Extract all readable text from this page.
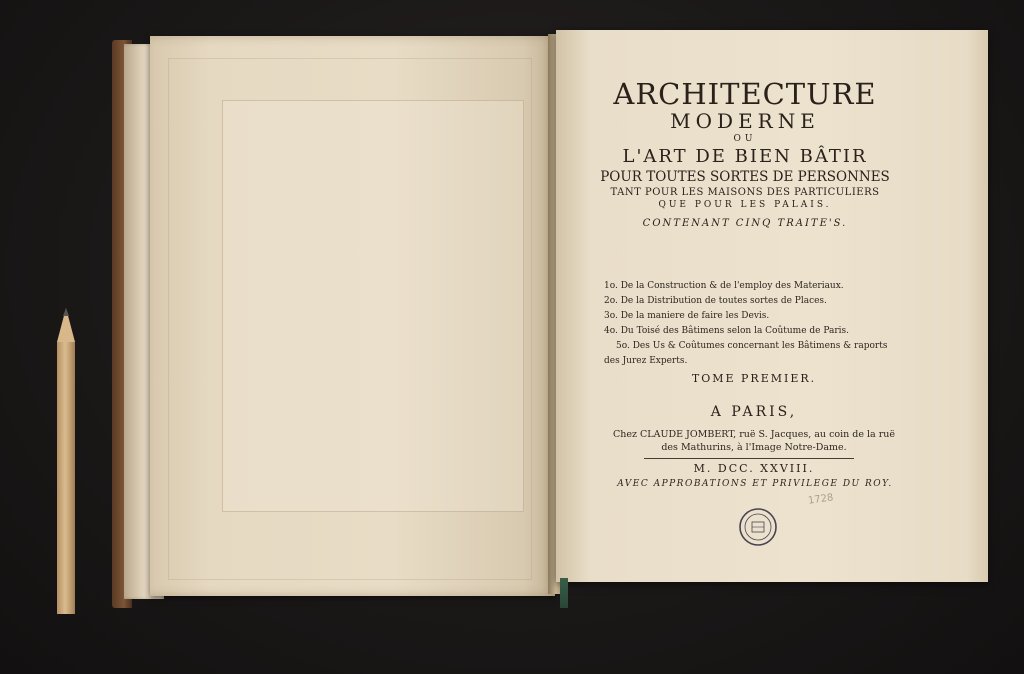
ARCHITECTURE

MODERNE

OU

L'ART DE BIEN BÂTIR

POUR TOUTES SORTES DE PERSONNES

TANT POUR LES MAISONS DES PARTICULIERS

QUE POUR LES PALAIS.

CONTENANT CINQ TRAITE'S.

1o. De la Construction & de l'employ des Materiaux.

2o. De la Distribution de toutes sortes de Places.

3o. De la maniere de faire les Devis.

4o. Du Toisé des Bâtimens selon la Coûtume de Paris.

5o. Des Us & Coûtumes concernant les Bâtimens & raports des Jurez Experts.

TOME PREMIER.
A PARIS,
Chez CLAUDE JOMBERT, ruë S. Jacques, au coin de la ruë
des Mathurins, à l'Image Notre-Dame.
M. DCC. XXVIII.
AVEC APPROBATIONS ET PRIVILEGE DU ROY.
1728
